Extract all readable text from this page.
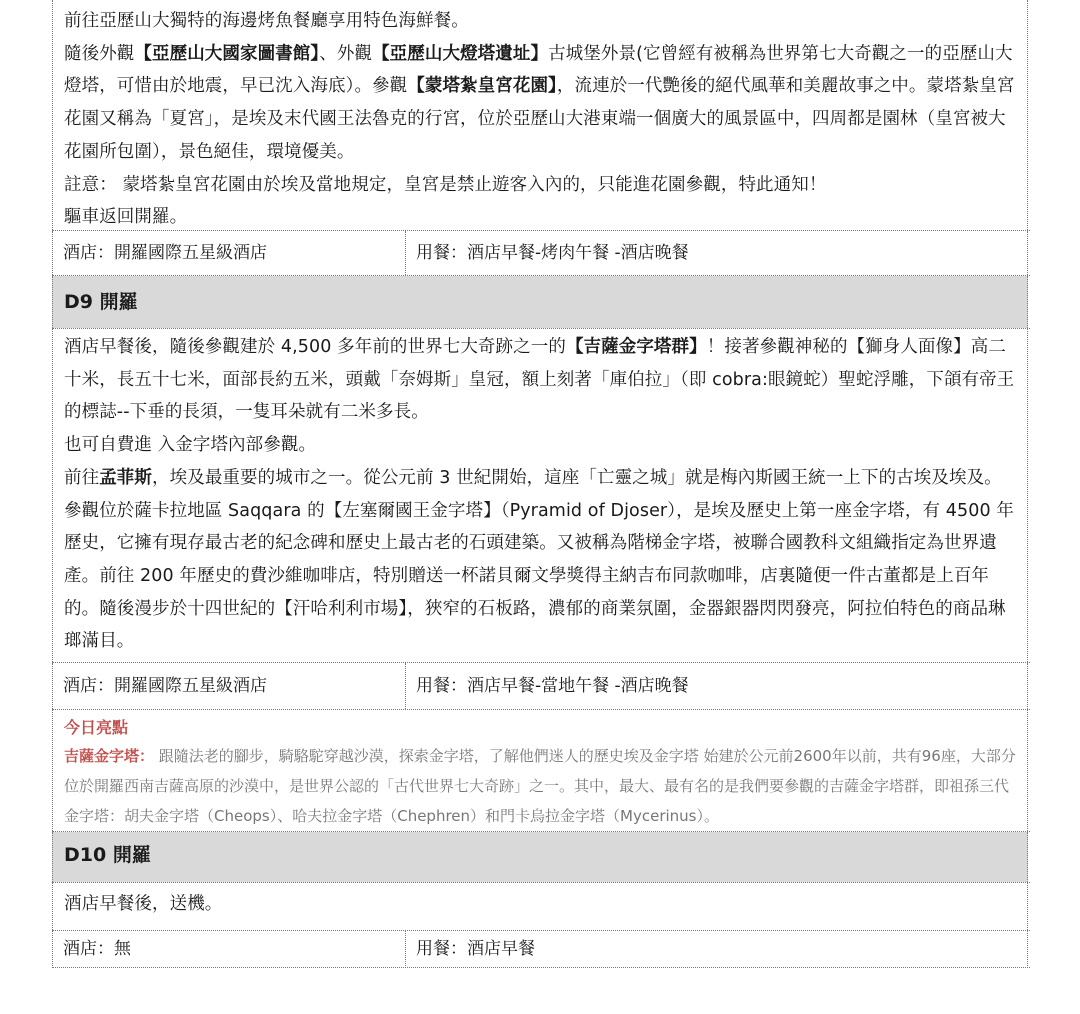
前往亞歷山大獨特的海邊烤魚餐廳享用特色海鮮餐。

隨後外觀【亞歷山大國家圖書館】、外觀【亞歷山大燈塔遺址】古城堡外景(它曾經有被稱為世界第七大奇觀之一的亞歷山大燈塔，可惜由於地震，早已沈入海底）。參觀【蒙塔紮皇宮花園】，流連於一代艷後的絕代風華和美麗故事之中。蒙塔紮皇宮花園又稱為「夏宮」，是埃及末代國王法魯克的行宮，位於亞歷山大港東端一個廣大的風景區中，四周都是園林（皇宮被大花園所包圍），景色絕佳，環境優美。

註意： 蒙塔紮皇宮花園由於埃及當地規定，皇宮是禁止遊客入內的，只能進花園參觀，特此通知！

驅車返回開羅。

酒店：開羅國際五星級酒店	用餐：酒店早餐-烤肉午餐 -酒店晚餐
D9 開羅

酒店早餐後，隨後參觀建於 4,500 多年前的世界七大奇跡之一的【吉薩金字塔群】！接著參觀神秘的【獅身人面像】高二十米，長五十七米，面部長約五米，頭戴「奈姆斯」皇冠，額上刻著「庫伯拉」（即 cobra:眼鏡蛇）聖蛇浮雕，下頜有帝王的標誌--下垂的長須，一隻耳朵就有二米多長。

也可自費進 入金字塔內部參觀。

前往孟菲斯，埃及最重要的城市之一。從公元前 3 世紀開始，這座「亡靈之城」就是梅內斯國王統一上下的古埃及埃及。參觀位於薩卡拉地區 Saqqara 的【左塞爾國王金字塔】（Pyramid of Djoser），是埃及歷史上第一座金字塔，有 4500 年歷史，它擁有現存最古老的紀念碑和歷史上最古老的石頭建築。又被稱為階梯金字塔，被聯合國教科文組織指定為世界遺產。前往 200 年歷史的費沙維咖啡店，特別贈送一杯諾貝爾文學獎得主納吉布同款咖啡，店裏隨便一件古董都是上百年的。隨後漫步於十四世紀的【汗哈利利市場】，狹窄的石板路，濃郁的商業氛圍，金器銀器閃閃發亮，阿拉伯特色的商品琳瑯滿目。

酒店：開羅國際五星級酒店	用餐：酒店早餐-當地午餐 -酒店晚餐
今日亮點
吉薩金字塔： 跟隨法老的腳步，騎駱駝穿越沙漠，探索金字塔，了解他們迷人的歷史埃及金字塔 始建於公元前2600年以前，共有96座，大部分位於開羅西南吉薩高原的沙漠中，是世界公認的「古代世界七大奇跡」之一。其中，最大、最有名的是我們要參觀的吉薩金字塔群，即祖孫三代金字塔：胡夫金字塔（Cheops）、哈夫拉金字塔（Chephren）和門卡烏拉金字塔（Mycerinus）。
D10 開羅

酒店早餐後，送機。

酒店：無	用餐：酒店早餐
